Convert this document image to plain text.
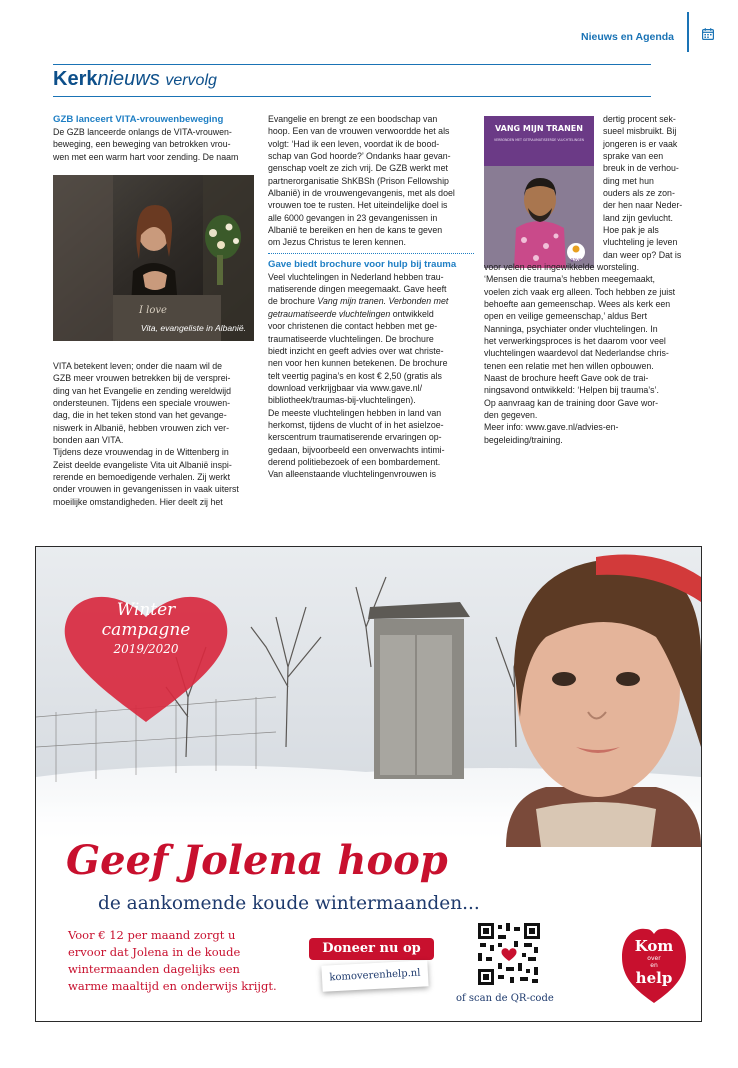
Nieuws en Agenda
Kerknieuws vervolg
GZB lanceert VITA-vrouwenbeweging

De GZB lanceerde onlangs de VITA-vrouwen-

beweging, een beweging van betrokken vrou-

wen met een warm hart voor zending. De naam

I love
Vita, evangeliste in Albanië.

VITA betekent leven; onder die naam wil de

GZB meer vrouwen betrekken bij de versprei-

ding van het Evangelie en zending wereldwijd

ondersteunen. Tijdens een speciale vrouwen-

dag, die in het teken stond van het gevange-

niswerk in Albanië, hebben vrouwen zich ver-

bonden aan VITA.

Tijdens deze vrouwendag in de Wittenberg in

Zeist deelde evangeliste Vita uit Albanië inspi-

rerende en bemoedigende verhalen. Zij werkt

onder vrouwen in gevangenissen in vaak uiterst

moeilijke omstandigheden. Hier deelt zij het

Evangelie en brengt ze een boodschap van

hoop. Een van de vrouwen verwoordde het als

volgt: ‘Had ik een leven, voordat ik de bood-

schap van God hoorde?’ Ondanks haar gevan-

genschap voelt ze zich vrij. De GZB werkt met

partnerorganisatie ShKBSh (Prison Fellowship

Albanië) in de vrouwengevangenis, met als doel

vrouwen toe te rusten. Het uiteindelijke doel is

alle 6000 gevangen in 23 gevangenissen in

Albanië te bereiken en hen de kans te geven

om Jezus Christus te leren kennen.

Gave biedt brochure voor hulp bij trauma

Veel vluchtelingen in Nederland hebben trau-

matiserende dingen meegemaakt. Gave heeft

de brochure Vang mijn tranen. Verbonden met

getraumatiseerde vluchtelingen ontwikkeld

voor christenen die contact hebben met ge-

traumatiseerde vluchtelingen. De brochure

biedt inzicht en geeft advies over wat christe-

nen voor hen kunnen betekenen. De brochure

telt veertig pagina’s en kost € 2,50 (gratis als

download verkrijgbaar via www.gave.nl/

bibliotheek/traumas-bij-vluchtelingen).

De meeste vluchtelingen hebben in land van

herkomst, tijdens de vlucht of in het asielzoe-

kerscentrum traumatiserende ervaringen op-

gedaan, bijvoorbeeld een onverwachts intimi-

derend politiebezoek of een bombardement.

Van alleenstaande vluchtelingenvrouwen is

gave
VANG MIJN TRANEN
VERBONDEN MET GETRAUMATISEERDE VLUCHTELINGEN

dertig procent sek-

sueel misbruikt. Bij

jongeren is er vaak

sprake van een

breuk in de verhou-

ding met hun

ouders als ze zon-

der hen naar Neder-

land zijn gevlucht.

Hoe pak je als

vluchteling je leven

dan weer op? Dat is

voor velen een ingewikkelde worsteling.

‘Mensen die trauma’s hebben meegemaakt,

voelen zich vaak erg alleen. Toch hebben ze juist

behoefte aan gemeenschap. Wees als kerk een

open en veilige gemeenschap,’ aldus Bert

Nanninga, psychiater onder vluchtelingen. In

het verwerkingsproces is het daarom voor veel

vluchtelingen waardevol dat Nederlandse chris-

tenen een relatie met hen willen opbouwen.

Naast de brochure heeft Gave ook de trai-

ningsavond ontwikkeld: ‘Helpen bij trauma’s’.

Op aanvraag kan de training door Gave wor-

den gegeven.

Meer info: www.gave.nl/advies-en-

begeleiding/training.

Winter
campagne
2019/2020
Geef Jolena hoop
de aankomende koude wintermaanden...
Voor € 12 per maand zorgt u
ervoor dat Jolena in de koude
wintermaanden dagelijks een
warme maaltijd en onderwijs krijgt.
Doneer nu op
komoverenhelp.nl
of scan de QR-code
Kom
over
en
help
